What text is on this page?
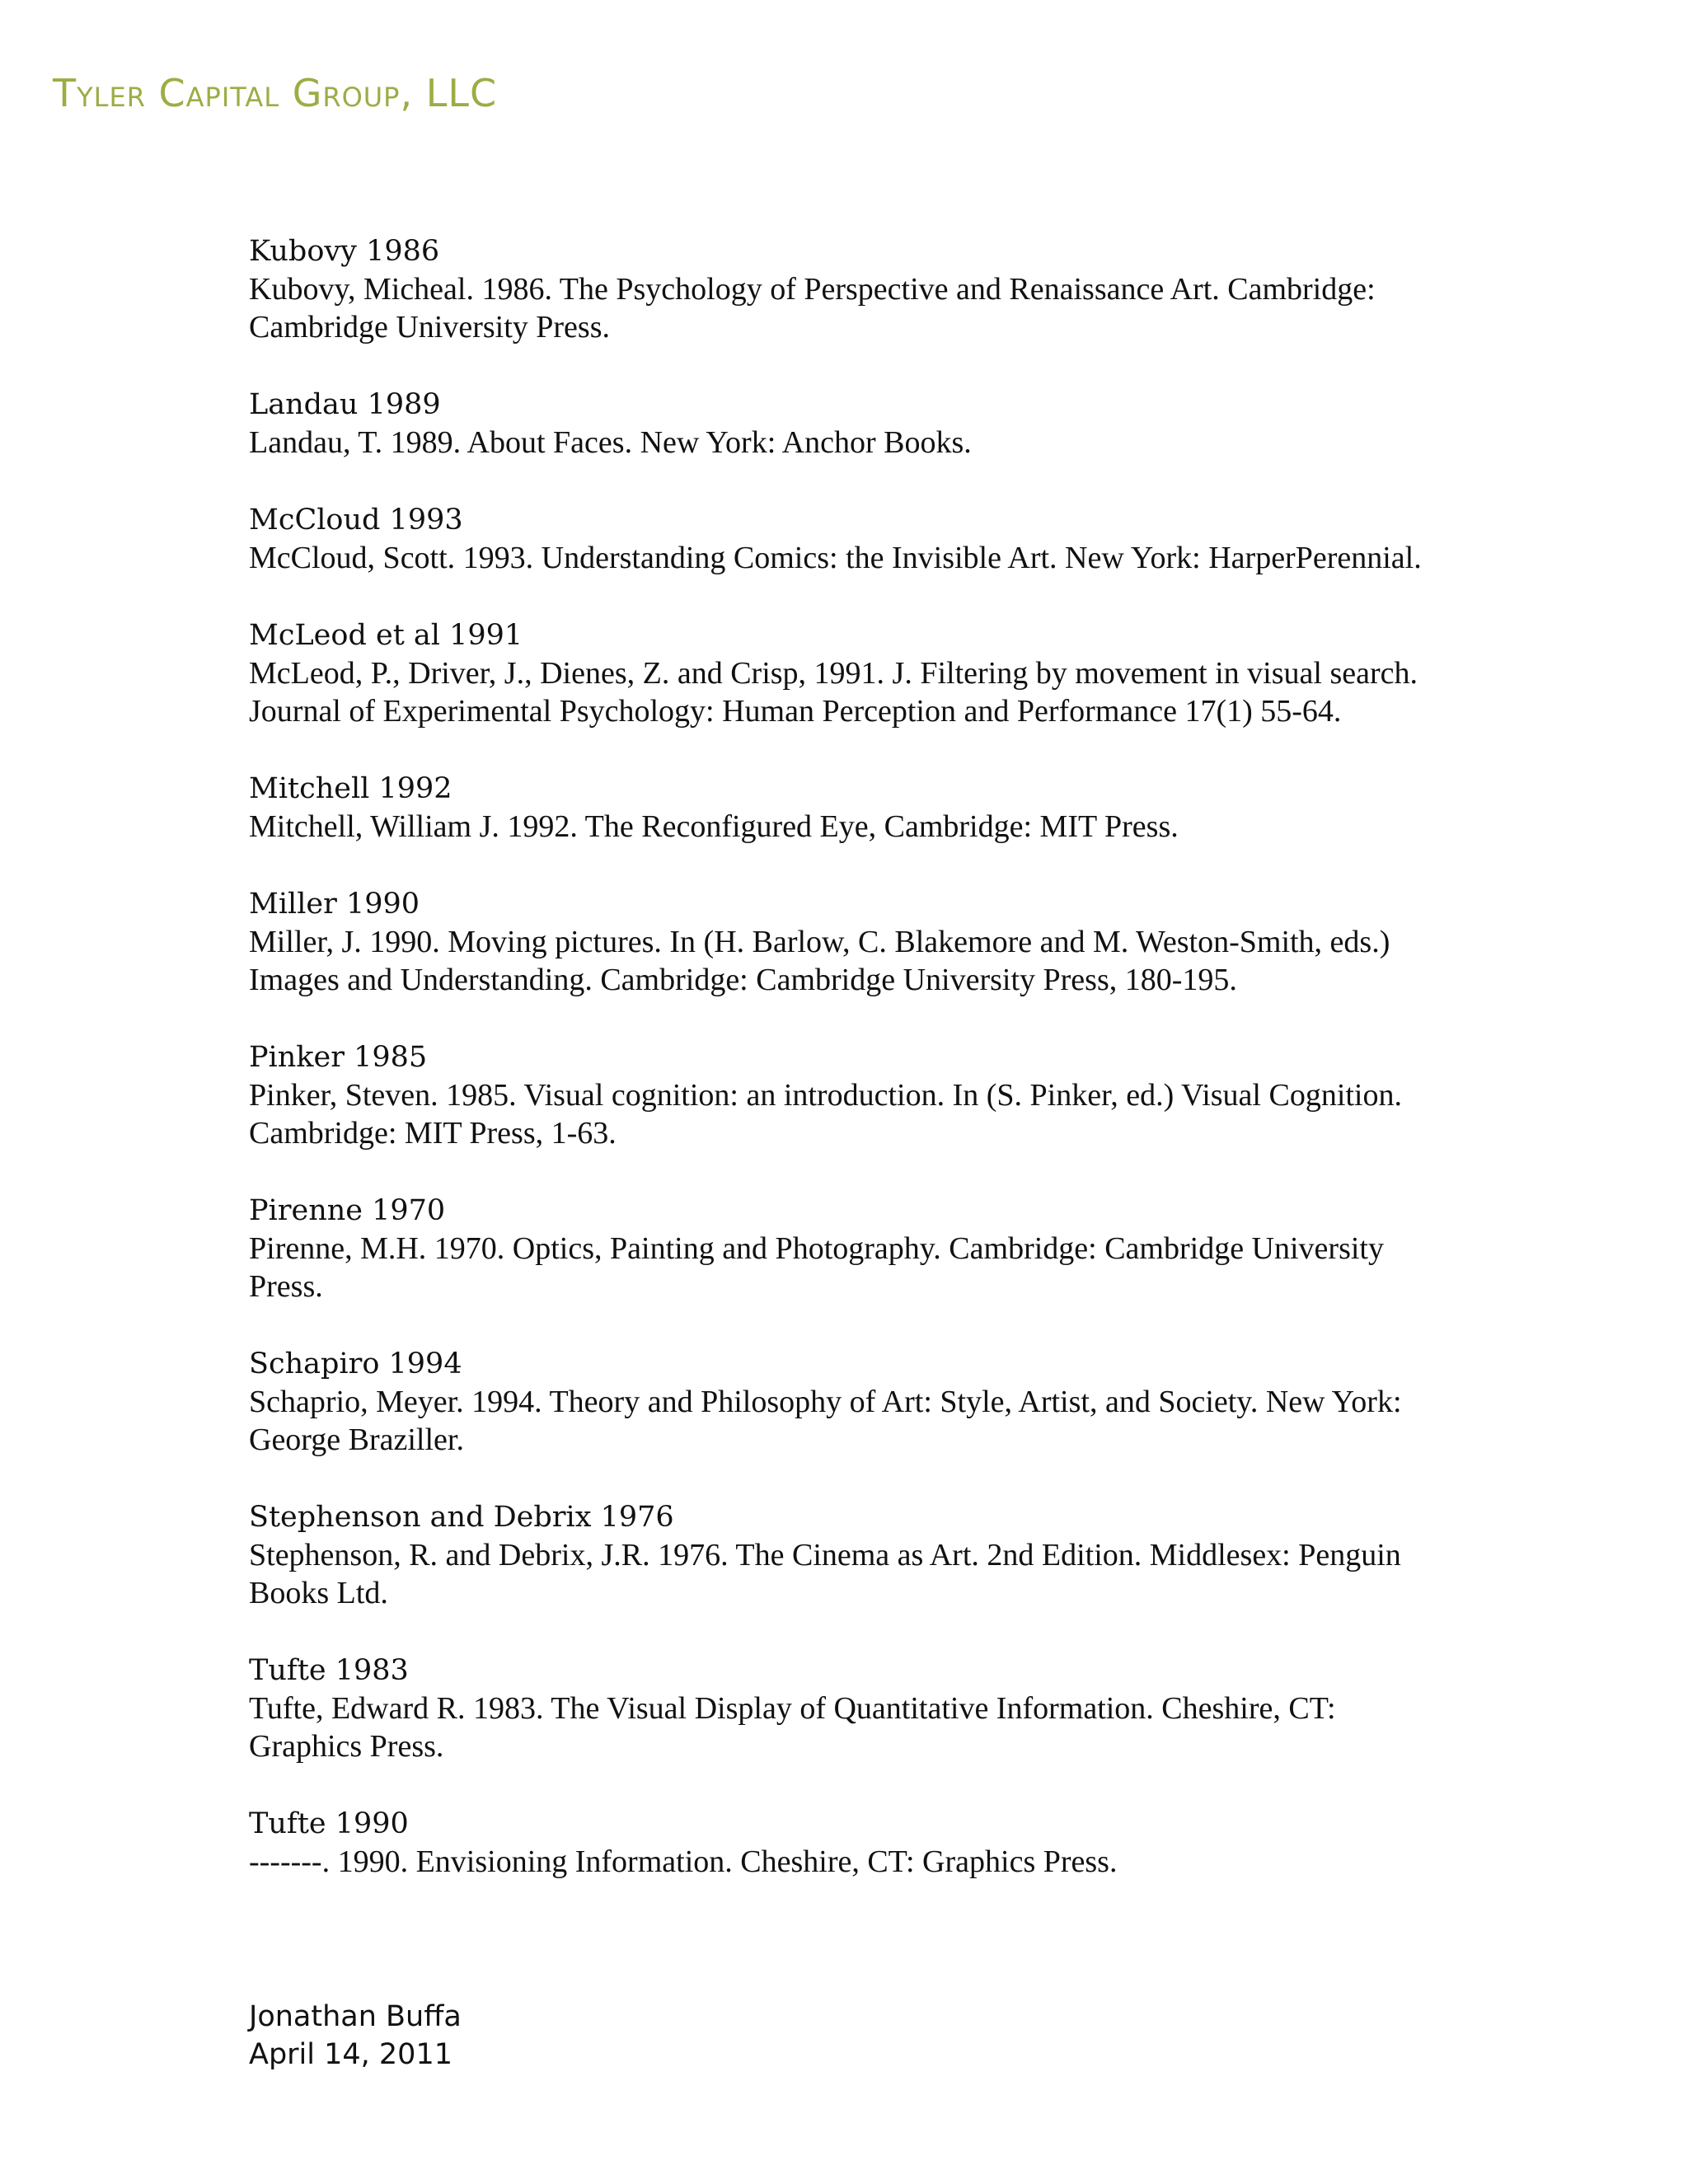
Tyler Capital Group, LLC
Kubovy 1986
Kubovy, Micheal. 1986. The Psychology of Perspective and Renaissance Art. Cambridge: Cambridge University Press.
Landau 1989
Landau, T. 1989. About Faces. New York: Anchor Books.
McCloud 1993
McCloud, Scott. 1993. Understanding Comics: the Invisible Art. New York: HarperPerennial.
McLeod et al 1991
McLeod, P., Driver, J., Dienes, Z. and Crisp, 1991. J. Filtering by movement in visual search. Journal of Experimental Psychology: Human Perception and Performance 17(1) 55-64.
Mitchell 1992
Mitchell, William J. 1992. The Reconfigured Eye, Cambridge: MIT Press.
Miller 1990
Miller, J. 1990. Moving pictures. In (H. Barlow, C. Blakemore and M. Weston-Smith, eds.) Images and Understanding. Cambridge: Cambridge University Press, 180-195.
Pinker 1985
Pinker, Steven. 1985. Visual cognition: an introduction. In (S. Pinker, ed.) Visual Cognition. Cambridge: MIT Press, 1-63.
Pirenne 1970
Pirenne, M.H. 1970. Optics, Painting and Photography. Cambridge: Cambridge University Press.
Schapiro 1994
Schaprio, Meyer. 1994. Theory and Philosophy of Art: Style, Artist, and Society. New York: George Braziller.
Stephenson and Debrix 1976
Stephenson, R. and Debrix, J.R. 1976. The Cinema as Art. 2nd Edition. Middlesex: Penguin Books Ltd.
Tufte 1983
Tufte, Edward R. 1983. The Visual Display of Quantitative Information. Cheshire, CT: Graphics Press.
Tufte 1990
-------. 1990. Envisioning Information. Cheshire, CT: Graphics Press.
Jonathan Buffa
April 14, 2011
